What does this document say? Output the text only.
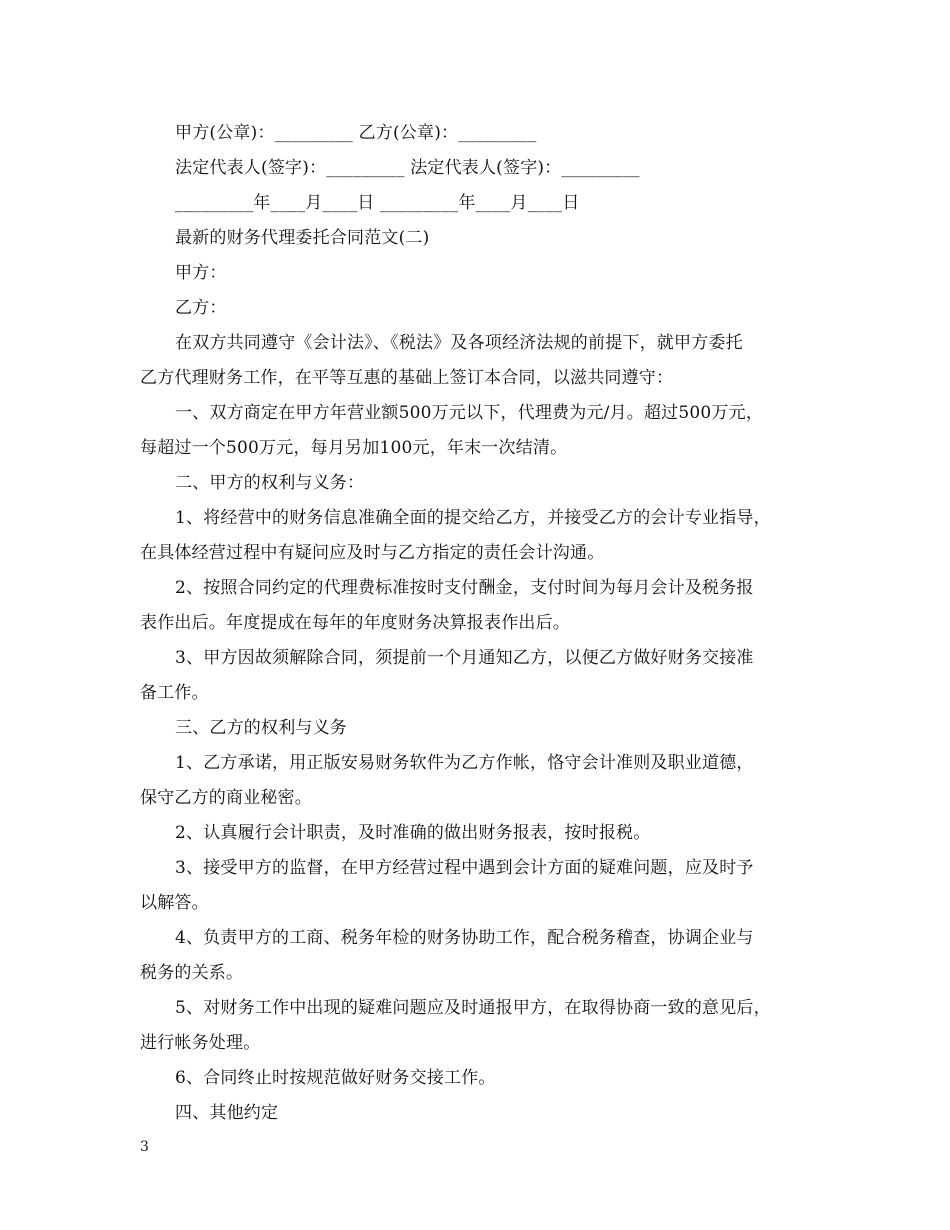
甲方(公章)：_________ 乙方(公章)：_________
法定代表人(签字)：_________ 法定代表人(签字)：_________
_________年____月____日 _________年____月____日
最新的财务代理委托合同范文(二)
甲方：
乙方：
在双方共同遵守《会计法》、《税法》及各项经济法规的前提下，就甲方委托
乙方代理财务工作，在平等互惠的基础上签订本合同，以滋共同遵守：
一、双方商定在甲方年营业额500万元以下，代理费为元/月。超过500万元，
每超过一个500万元，每月另加100元，年末一次结清。
二、甲方的权利与义务：
1、将经营中的财务信息准确全面的提交给乙方，并接受乙方的会计专业指导，
在具体经营过程中有疑问应及时与乙方指定的责任会计沟通。
2、按照合同约定的代理费标准按时支付酬金，支付时间为每月会计及税务报
表作出后。年度提成在每年的年度财务决算报表作出后。
3、甲方因故须解除合同，须提前一个月通知乙方，以便乙方做好财务交接准
备工作。
三、乙方的权利与义务
1、乙方承诺，用正版安易财务软件为乙方作帐，恪守会计准则及职业道德，
保守乙方的商业秘密。
2、认真履行会计职责，及时准确的做出财务报表，按时报税。
3、接受甲方的监督，在甲方经营过程中遇到会计方面的疑难问题，应及时予
以解答。
4、负责甲方的工商、税务年检的财务协助工作，配合税务稽查，协调企业与
税务的关系。
5、对财务工作中出现的疑难问题应及时通报甲方，在取得协商一致的意见后，
进行帐务处理。
6、合同终止时按规范做好财务交接工作。
四、其他约定
3
